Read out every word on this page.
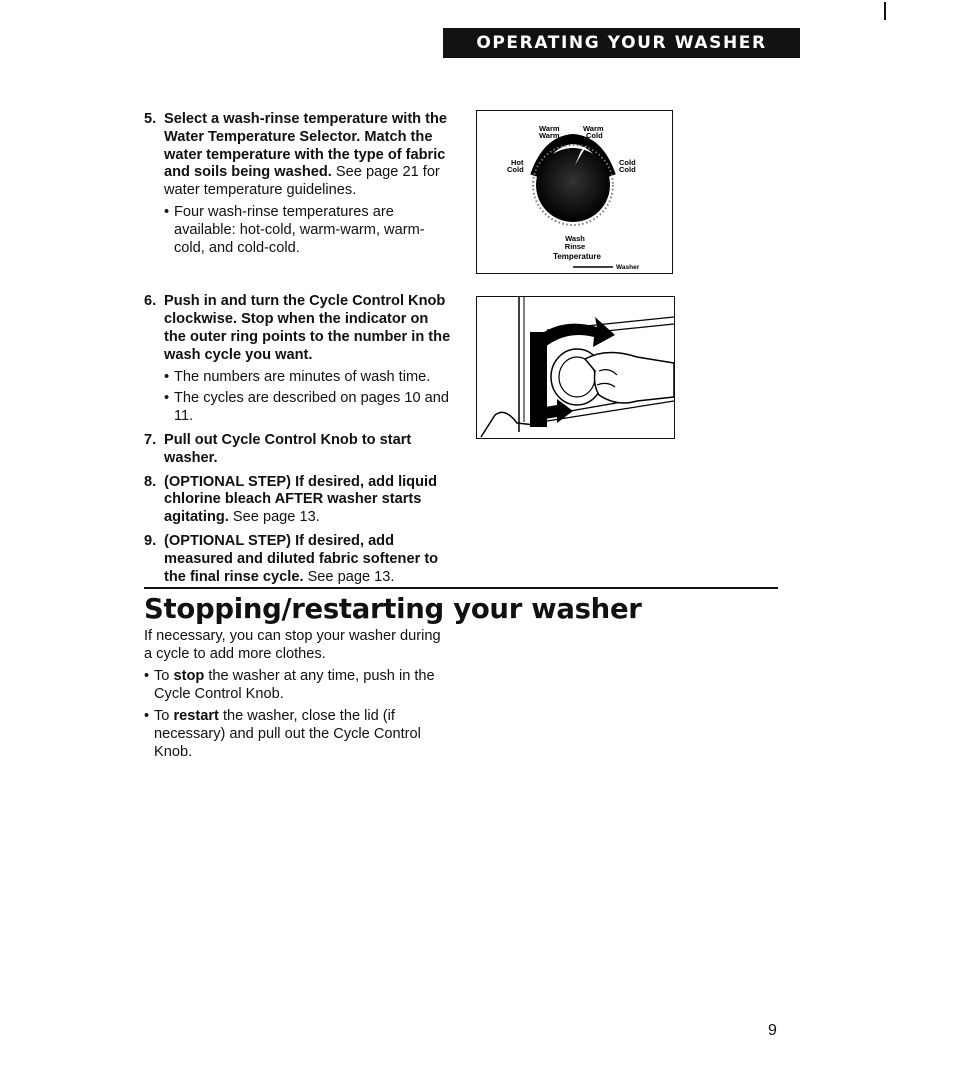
OPERATING YOUR WASHER
5. Select a wash-rinse temperature with the Water Temperature Selector. Match the water temperature with the type of fabric and soils being washed. See page 21 for water temperature guidelines.
• Four wash-rinse temperatures are available: hot-cold, warm-warm, warm-cold, and cold-cold.
6. Push in and turn the Cycle Control Knob clockwise. Stop when the indicator on the outer ring points to the number in the wash cycle you want.
• The numbers are minutes of wash time.
• The cycles are described on pages 10 and 11.
7. Pull out Cycle Control Knob to start washer.
8. (OPTIONAL STEP) If desired, add liquid chlorine bleach AFTER washer starts agitating. See page 13.
9. (OPTIONAL STEP) If desired, add measured and diluted fabric softener to the final rinse cycle. See page 13.
Warm
Warm
Warm
Cold
Hot
Cold
Cold
Cold
Wash
Rinse
Temperature
Washer
Stopping/restarting your washer

If necessary, you can stop your washer during a cycle to add more clothes.

• To stop the washer at any time, push in the Cycle Control Knob.
• To restart the washer, close the lid (if necessary) and pull out the Cycle Control Knob.
9
